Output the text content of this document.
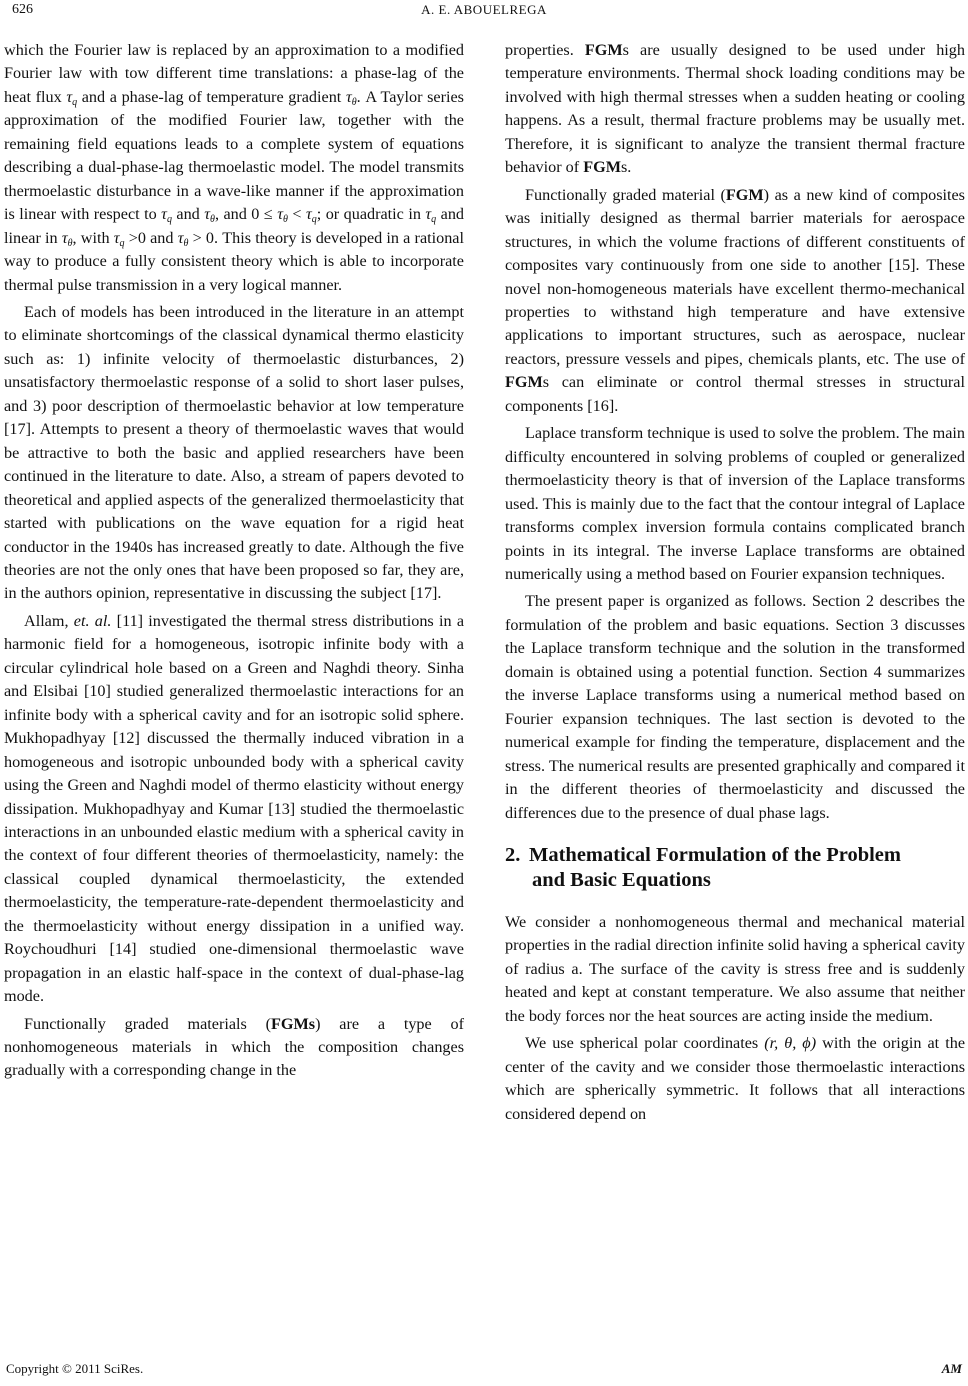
626	A. E. ABOUELREGA

which the Fourier law is replaced by an approximation to a modified Fourier law with tow different time translations: a phase-lag of the heat flux $\tau_q$ and a phase-lag of temperature gradient $\tau_\theta$. A Taylor series approximation of the modified Fourier law, together with the remaining field equations leads to a complete system of equations describing a dual-phase-lag thermoelastic model. The model transmits thermoelastic disturbance in a wave-like manner if the approximation is linear with respect to $\tau_q$ and $\tau_\theta$, and $0 \le \tau_\theta < \tau_q$; or quadratic in $\tau_q$ and linear in $\tau_\theta$, with $\tau_q >0$ and $\tau_\theta > 0$. This theory is developed in a rational way to produce a fully consistent theory which is able to incorporate thermal pulse transmission in a very logical manner.

Each of models has been introduced in the literature in an attempt to eliminate shortcomings of the classical dynamical thermo elasticity such as: 1) infinite velocity of thermoelastic disturbances, 2) unsatisfactory thermoelastic response of a solid to short laser pulses, and 3) poor description of thermoelastic behavior at low temperature [17]. Attempts to present a theory of thermoelastic waves that would be attractive to both the basic and applied researchers have been continued in the literature to date. Also, a stream of papers devoted to theoretical and applied aspects of the generalized thermoelasticity that started with publications on the wave equation for a rigid heat conductor in the 1940s has increased greatly to date. Although the five theories are not the only ones that have been proposed so far, they are, in the authors opinion, representative in discussing the subject [17].

Allam, et. al. [11] investigated the thermal stress distributions in a harmonic field for a homogeneous, isotropic infinite body with a circular cylindrical hole based on a Green and Naghdi theory. Sinha and Elsibai [10] studied generalized thermoelastic interactions for an infinite body with a spherical cavity and for an isotropic solid sphere. Mukhopadhyay [12] discussed the thermally induced vibration in a homogeneous and isotropic unbounded body with a spherical cavity using the Green and Naghdi model of thermo elasticity without energy dissipation. Mukhopadhyay and Kumar [13] studied the thermoelastic interactions in an unbounded elastic medium with a spherical cavity in the context of four different theories of thermoelasticity, namely: the classical coupled dynamical thermoelasticity, the extended thermoelasticity, the temperature-rate-dependent thermoelasticity and the thermoelasticity without energy dissipation in a unified way. Roychoudhuri [14] studied one-dimensional thermoelastic wave propagation in an elastic half-space in the context of dual-phase-lag mode.

Functionally graded materials (FGMs) are a type of nonhomogeneous materials in which the composition changes gradually with a corresponding change in the

properties. FGMs are usually designed to be used under high temperature environments. Thermal shock loading conditions may be involved with high thermal stresses when a sudden heating or cooling happens. As a result, thermal fracture problems may be usually met. Therefore, it is significant to analyze the transient thermal fracture behavior of FGMs.

Functionally graded material (FGM) as a new kind of composites was initially designed as thermal barrier materials for aerospace structures, in which the volume fractions of different constituents of composites vary continuously from one side to another [15]. These novel non-homogeneous materials have excellent thermo-mechanical properties to withstand high temperature and have extensive applications to important structures, such as aerospace, nuclear reactors, pressure vessels and pipes, chemicals plants, etc. The use of FGMs can eliminate or control thermal stresses in structural components [16].

Laplace transform technique is used to solve the problem. The main difficulty encountered in solving problems of coupled or generalized thermoelasticity theory is that of inversion of the Laplace transforms used. This is mainly due to the fact that the contour integral of Laplace transforms complex inversion formula contains complicated branch points in its integral. The inverse Laplace transforms are obtained numerically using a method based on Fourier expansion techniques.

The present paper is organized as follows. Section 2 describes the formulation of the problem and basic equations. Section 3 discusses the Laplace transform technique and the solution in the transformed domain is obtained using a potential function. Section 4 summarizes the inverse Laplace transforms using a numerical method based on Fourier expansion techniques. The last section is devoted to the numerical example for finding the temperature, displacement and the stress. The numerical results are presented graphically and compared it in the different theories of thermoelasticity and discussed the differences due to the presence of dual phase lags.

2. Mathematical Formulation of the Problem
and Basic Equations

We consider a nonhomogeneous thermal and mechanical material properties in the radial direction infinite solid having a spherical cavity of radius a. The surface of the cavity is stress free and is suddenly heated and kept at constant temperature. We also assume that neither the body forces nor the heat sources are acting inside the medium.

We use spherical polar coordinates (r, θ, ϕ) with the origin at the center of the cavity and we consider those thermoelastic interactions which are spherically symmetric. It follows that all interactions considered depend on

Copyright © 2011 SciRes.	AM
